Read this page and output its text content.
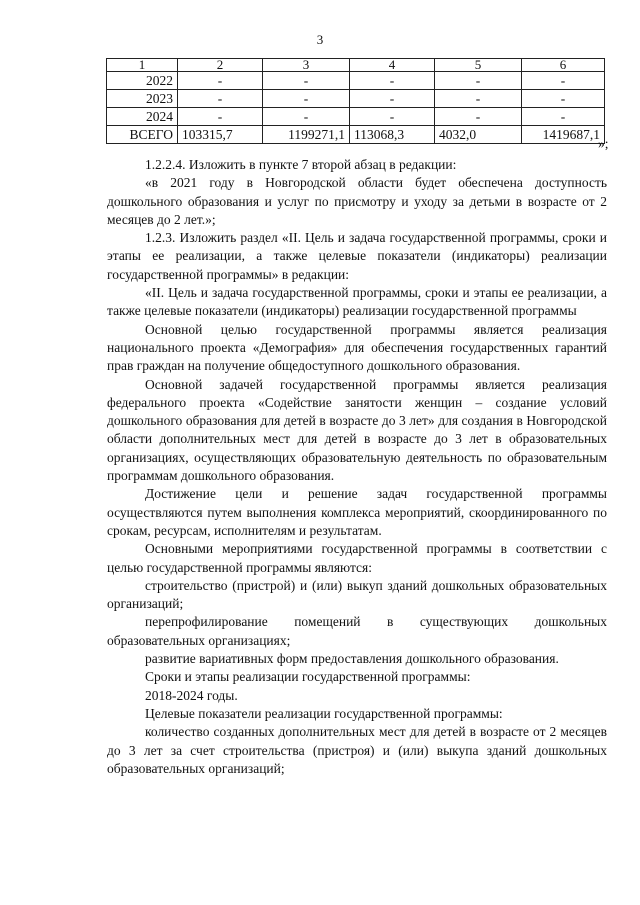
3
1	2	3	4	5	6
2022	-	-	-	-	-
2023	-	-	-	-	-
2024	-	-	-	-	-
ВСЕГО	103315,7	1199271,1	113068,3	4032,0	1419687,1
»;

1.2.2.4. Изложить в пункте 7 второй абзац в редакции:

«в 2021 году в Новгородской области будет обеспечена доступность дошкольного образования и услуг по присмотру и уходу за детьми в возрасте от 2 месяцев до 2 лет.»;

1.2.3. Изложить раздел «II. Цель и задача государственной программы, сроки и этапы ее реализации, а также целевые показатели (индикаторы) реализации государственной программы» в редакции:

«II. Цель и задача государственной программы, сроки и этапы ее реализации, а также целевые показатели (индикаторы) реализации государственной программы

Основной целью государственной программы является реализация национального проекта «Демография» для обеспечения государственных гарантий прав граждан на получение общедоступного дошкольного образования.

Основной задачей государственной программы является реализация федерального проекта «Содействие занятости женщин – создание условий дошкольного образования для детей в возрасте до 3 лет» для создания в Новгородской области дополнительных мест для детей в возрасте до 3 лет в образовательных организациях, осуществляющих образовательную деятельность по образовательным программам дошкольного образования.

Достижение цели и решение задач государственной программы осуществляются путем выполнения комплекса мероприятий, скоординированного по срокам, ресурсам, исполнителям и результатам.

Основными мероприятиями государственной программы в соответствии с целью государственной программы являются:

строительство (пристрой) и (или) выкуп зданий дошкольных образовательных организаций;

перепрофилирование помещений в существующих дошкольных образовательных организациях;

развитие вариативных форм предоставления дошкольного образования.

Сроки и этапы реализации государственной программы:

2018-2024 годы.

Целевые показатели реализации государственной программы:

количество созданных дополнительных мест для детей в возрасте от 2 месяцев до 3 лет за счет строительства (пристроя) и (или) выкупа зданий дошкольных образовательных организаций;
